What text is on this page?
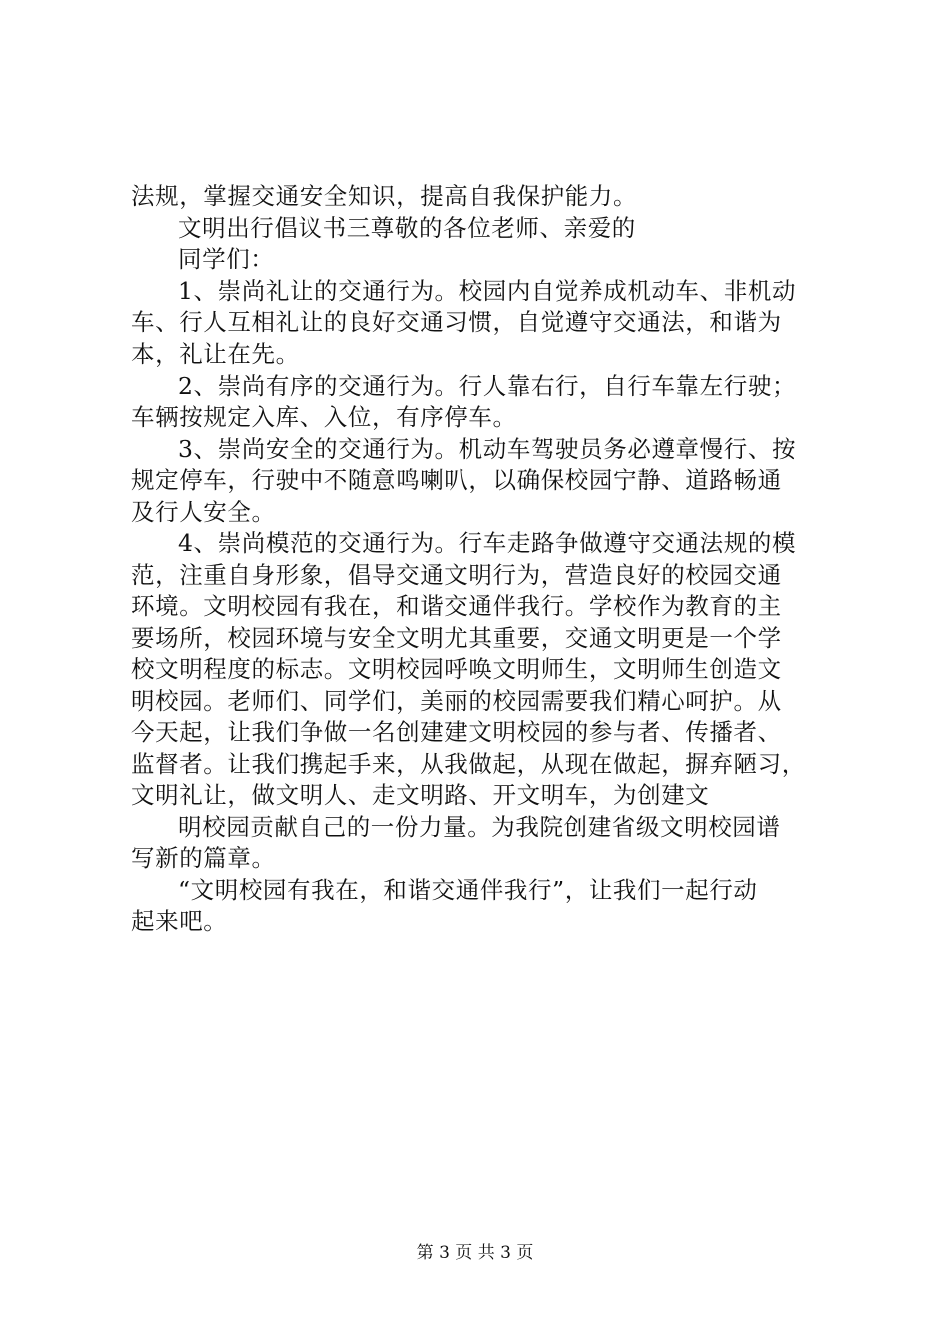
法规，掌握交通安全知识，提高自我保护能力。
文明出行倡议书三尊敬的各位老师、亲爱的
同学们：
1、崇尚礼让的交通行为。校园内自觉养成机动车、非机动
车、行人互相礼让的良好交通习惯，自觉遵守交通法，和谐为
本，礼让在先。
2、崇尚有序的交通行为。行人靠右行，自行车靠左行驶；
车辆按规定入库、入位，有序停车。
3、崇尚安全的交通行为。机动车驾驶员务必遵章慢行、按
规定停车，行驶中不随意鸣喇叭，以确保校园宁静、道路畅通
及行人安全。
4、崇尚模范的交通行为。行车走路争做遵守交通法规的模
范，注重自身形象，倡导交通文明行为，营造良好的校园交通
环境。文明校园有我在，和谐交通伴我行。学校作为教育的主
要场所，校园环境与安全文明尤其重要，交通文明更是一个学
校文明程度的标志。文明校园呼唤文明师生，文明师生创造文
明校园。老师们、同学们，美丽的校园需要我们精心呵护。从
今天起，让我们争做一名创建建文明校园的参与者、传播者、
监督者。让我们携起手来，从我做起，从现在做起，摒弃陋习，
文明礼让，做文明人、走文明路、开文明车，为创建文
明校园贡献自己的一份力量。为我院创建省级文明校园谱
写新的篇章。
“文明校园有我在，和谐交通伴我行”，让我们一起行动
起来吧。
第 3 页 共 3 页
